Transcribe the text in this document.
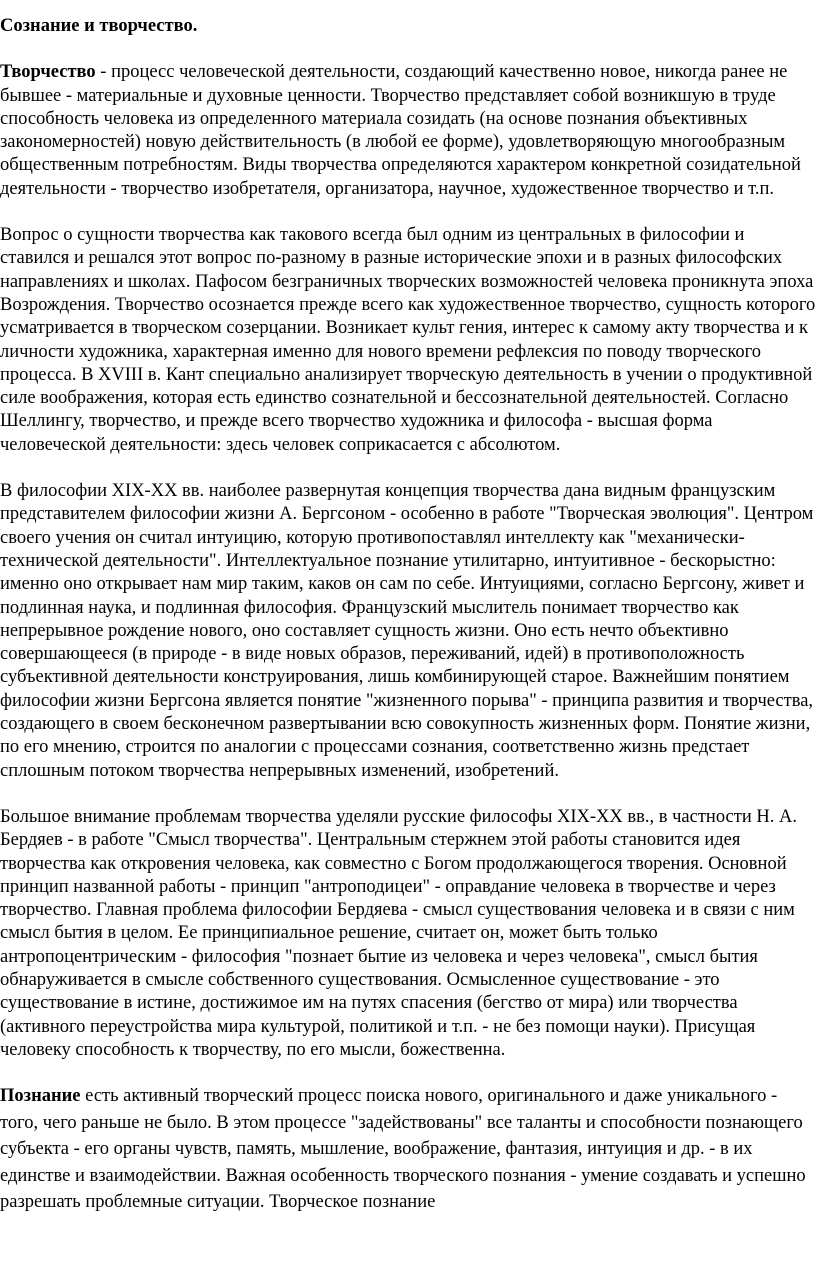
Сознание и творчество.
Творчество - процесс человеческой деятельности, создающий качественно новое, никогда ранее не бывшее - материальные и духовные ценности. Творчество представляет собой возникшую в труде способность человека из определенного материала созидать (на основе познания объективных закономерностей) новую действительность (в любой ее форме), удовлетворяющую многообразным общественным потребностям. Виды творчества определяются характером конкретной созидательной деятельности - творчество изобретателя, организатора, научное, художественное творчество и т.п.
Вопрос о сущности творчества как такового всегда был одним из центральных в философии и ставился и решался этот вопрос по-разному в разные исторические эпохи и в разных философских направлениях и школах. Пафосом безграничных творческих возможностей человека проникнута эпоха Возрождения. Творчество осознается прежде всего как художественное творчество, сущность которого усматривается в творческом созерцании. Возникает культ гения, интерес к самому акту творчества и к личности художника, характерная именно для нового времени рефлексия по поводу творческого процесса. В XVIII в. Кант специально анализирует творческую деятельность в учении о продуктивной силе воображения, которая есть единство сознательной и бессознательной деятельностей. Согласно Шеллингу, творчество, и прежде всего творчество художника и философа - высшая форма человеческой деятельности: здесь человек соприкасается с абсолютом.
В философии XIX-XX вв. наиболее развернутая концепция творчества дана видным французским представителем философии жизни А. Бергсоном - особенно в работе "Творческая эволюция". Центром своего учения он считал интуицию, которую противопоставлял интеллекту как "механически-технической деятельности". Интеллектуальное познание утилитарно, интуитивное - бескорыстно: именно оно открывает нам мир таким, каков он сам по себе. Интуициями, согласно Бергсону, живет и подлинная наука, и подлинная философия. Французский мыслитель понимает творчество как непрерывное рождение нового, оно составляет сущность жизни. Оно есть нечто объективно совершающееся (в природе - в виде новых образов, переживаний, идей) в противоположность субъективной деятельности конструирования, лишь комбинирующей старое. Важнейшим понятием философии жизни Бергсона является понятие "жизненного порыва" - принципа развития и творчества, создающего в своем бесконечном развертывании всю совокупность жизненных форм. Понятие жизни, по его мнению, строится по аналогии с процессами сознания, соответственно жизнь предстает сплошным потоком творчества непрерывных изменений, изобретений.
Большое внимание проблемам творчества уделяли русские философы XIX-XX вв., в частности Н. А. Бердяев - в работе "Смысл творчества". Центральным стержнем этой работы становится идея творчества как откровения человека, как совместно с Богом продолжающегося творения. Основной принцип названной работы - принцип "антроподицеи" - оправдание человека в творчестве и через творчество. Главная проблема философии Бердяева - смысл существования человека и в связи с ним смысл бытия в целом. Ее принципиальное решение, считает он, может быть только антропоцентрическим - философия "познает бытие из человека и через человека", смысл бытия обнаруживается в смысле собственного существования. Осмысленное существование - это существование в истине, достижимое им на путях спасения (бегство от мира) или творчества (активного переустройства мира культурой, политикой и т.п. - не без помощи науки). Присущая человеку способность к творчеству, по его мысли, божественна.
Познание есть активный творческий процесс поиска нового, оригинального и даже уникального - того, чего раньше не было. В этом процессе "задействованы" все таланты и способности познающего субъекта - его органы чувств, память, мышление, воображение, фантазия, интуиция и др. - в их единстве и взаимодействии. Важная особенность творческого познания - умение создавать и успешно разрешать проблемные ситуации. Творческое познание
